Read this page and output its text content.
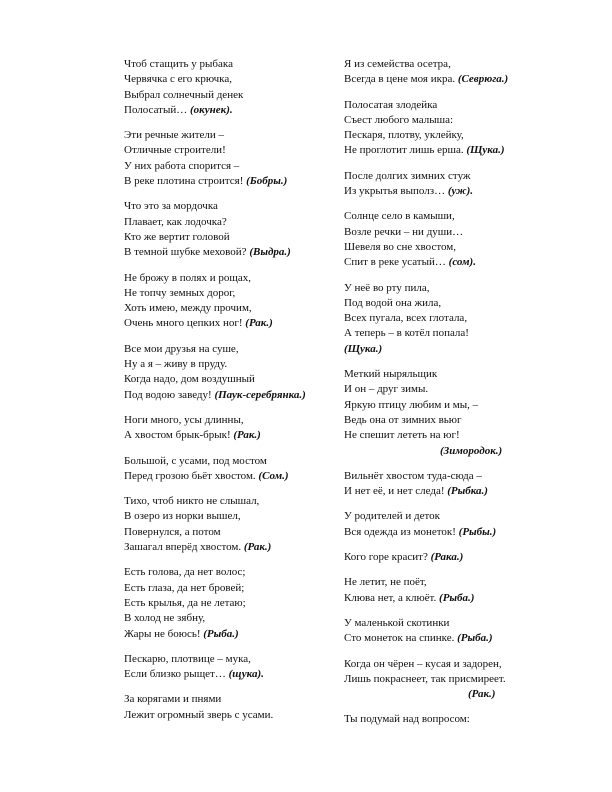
Чтоб стащить у рыбака
Червячка с его крючка,
Выбрал солнечный денек
Полосатый… (окунек).
Эти речные жители –
Отличные строители!
У них работа спорится –
В реке плотина строится! (Бобры.)
Что это за мордочка
Плавает, как лодочка?
Кто же вертит головой
В темной шубке меховой? (Выдра.)
Не брожу в полях и рощах,
Не топчу земных дорог,
Хоть имею, между прочим,
Очень много цепких ног! (Рак.)
Все мои друзья на суше,
Ну а я – живу в пруду.
Когда надо, дом воздушный
Под водою заведу! (Паук-серебрянка.)
Ноги много, усы длинны,
А хвостом брык-брык! (Рак.)
Большой, с усами, под мостом
Перед грозою бьёт хвостом. (Сом.)
Тихо, чтоб никто не слышал,
В озеро из норки вышел,
Повернулся, а потом
Зашагал вперёд хвостом. (Рак.)
Есть голова, да нет волос;
Есть глаза, да нет бровей;
Есть крылья, да не летаю;
В холод не зябну,
Жары не боюсь! (Рыба.)
Пескарю, плотвице – мука,
Если близко рыщет… (щука).
За корягами и пнями
Лежит огромный зверь с усами.
Я из семейства осетра,
Всегда в цене моя икра. (Севрюга.)
Полосатая злодейка
Съест любого малыша:
Пескаря, плотву, уклейку,
Не проглотит лишь ерша. (Щука.)
После долгих зимних стуж
Из укрытья выполз… (уж).
Солнце село в камыши,
Возле речки – ни души…
Шевеля во сне хвостом,
Спит в реке усатый… (сом).
У неё во рту пила,
Под водой она жила,
Всех пугала, всех глотала,
А теперь – в котёл попала!
(Щука.)
Меткий ныряльщик
И он – друг зимы.
Яркую птицу любим и мы, –
Ведь она от зимних вьюг
Не спешит лететь на юг!
(Зимородок.)
Вильнёт хвостом туда-сюда –
И нет её, и нет следа! (Рыбка.)
У родителей и деток
Вся одежда из монеток! (Рыбы.)
Кого горе красит? (Рака.)
Не летит, не поёт,
Клюва нет, а клюёт. (Рыба.)
У маленькой скотинки
Сто монеток на спинке. (Рыба.)
Когда он чёрен – кусая и задорен,
Лишь покраснеет, так присмиреет.
(Рак.)
Ты подумай над вопросом:
